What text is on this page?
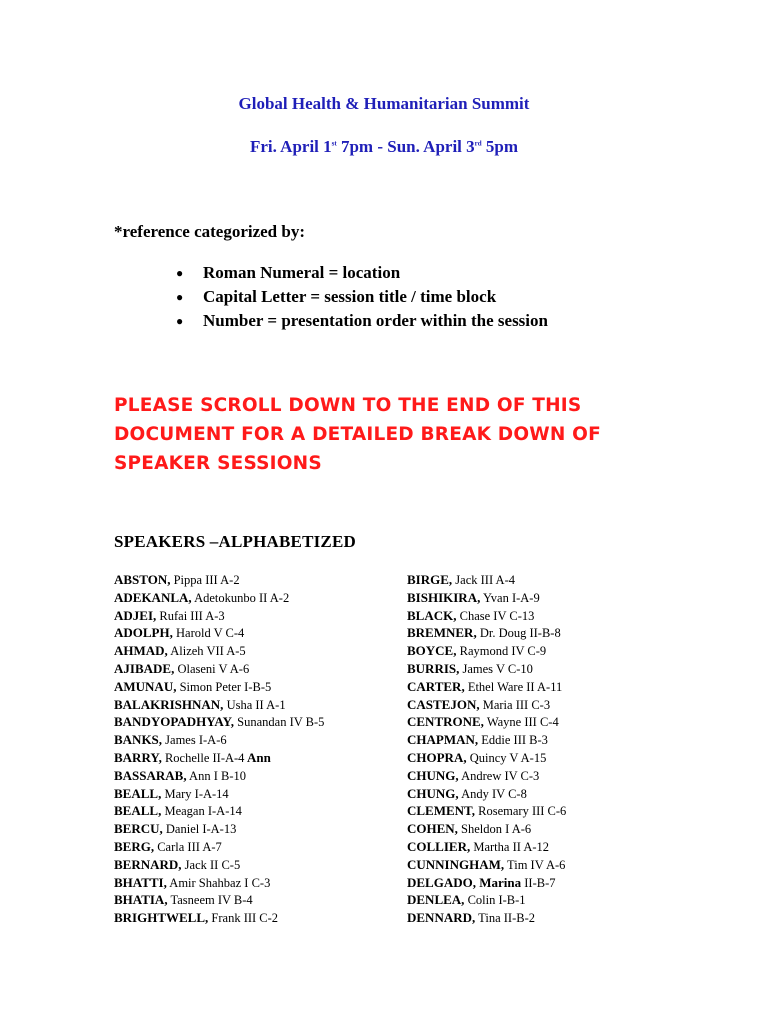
Global Health & Humanitarian Summit
Fri. April 1st 7pm - Sun. April 3rd 5pm
*reference categorized by:
● Roman Numeral = location
● Capital Letter = session title / time block
● Number = presentation order within the session
PLEASE SCROLL DOWN TO THE END OF THIS
DOCUMENT FOR A DETAILED BREAK DOWN OF
SPEAKER SESSIONS
SPEAKERS –ALPHABETIZED
ABSTON, Pippa III A-2
ADEKANLA, Adetokunbo II A-2
ADJEI, Rufai III A-3
ADOLPH, Harold V C-4
AHMAD, Alizeh VII A-5
AJIBADE, Olaseni V A-6
AMUNAU, Simon Peter I-B-5
BALAKRISHNAN, Usha II A-1
BANDYOPADHYAY, Sunandan IV B-5
BANKS, James I-A-6
BARRY, Rochelle II-A-4 Ann
BASSARAB, Ann I B-10
BEALL, Mary I-A-14
BEALL, Meagan I-A-14
BERCU, Daniel I-A-13
BERG, Carla III A-7
BERNARD, Jack II C-5
BHATTI, Amir Shahbaz I C-3
BHATIA, Tasneem IV B-4
BRIGHTWELL, Frank III C-2
BIRGE, Jack III A-4
BISHIKIRA, Yvan I-A-9
BLACK, Chase IV C-13
BREMNER, Dr. Doug II-B-8
BOYCE, Raymond IV C-9
BURRIS, James V C-10
CARTER, Ethel Ware II A-11
CASTEJON, Maria III C-3
CENTRONE, Wayne III C-4
CHAPMAN, Eddie III B-3
CHOPRA, Quincy V A-15
CHUNG, Andrew IV C-3
CHUNG, Andy IV C-8
CLEMENT, Rosemary III C-6
COHEN, Sheldon I A-6
COLLIER, Martha II A-12
CUNNINGHAM, Tim IV A-6
DELGADO, Marina II-B-7
DENLEA, Colin I-B-1
DENNARD, Tina II-B-2
